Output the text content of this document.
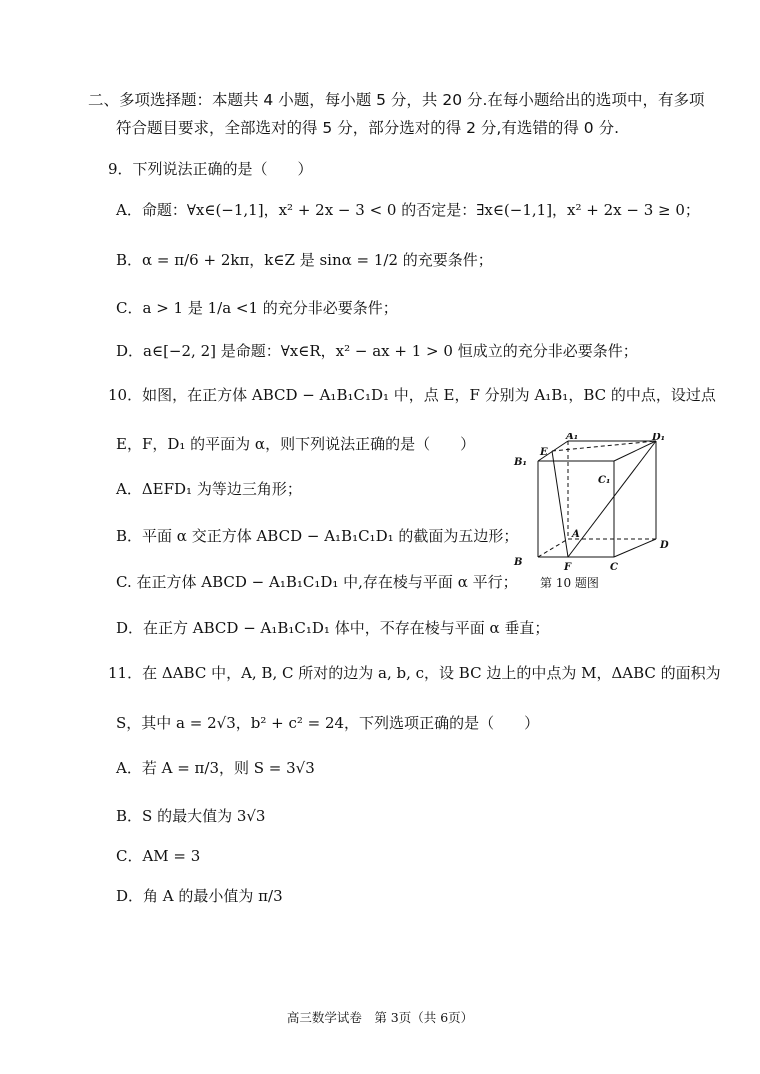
二、多项选择题：本题共 4 小题，每小题 5 分，共 20 分.在每小题给出的选项中，有多项
符合题目要求，全部选对的得 5 分，部分选对的得 2 分,有选错的得 0 分.
9．下列说法正确的是（　　）
A．命题：∀x∈(−1,1]，x² + 2x − 3 < 0 的否定是：∃x∈(−1,1]，x² + 2x − 3 ≥ 0；
B．α = π/6 + 2kπ，k∈Z 是 sinα = 1/2 的充要条件；
C．a > 1 是 1/a <1 的充分非必要条件；
D．a∈[−2, 2] 是命题：∀x∈R，x² − ax + 1 > 0 恒成立的充分非必要条件；
10．如图，在正方体 ABCD − A₁B₁C₁D₁ 中，点 E，F 分别为 A₁B₁，BC 的中点，设过点
E，F，D₁ 的平面为 α，则下列说法正确的是（　　）
A．ΔEFD₁ 为等边三角形；
B．平面 α 交正方体 ABCD − A₁B₁C₁D₁ 的截面为五边形；
C. 在正方体 ABCD − A₁B₁C₁D₁ 中,存在棱与平面 α 平行；
D．在正方 ABCD − A₁B₁C₁D₁ 体中，不存在棱与平面 α 垂直；
E
A₁	D₁
B₁
C₁
A
B	F	C
D
第 10 题图
11．在 ΔABC 中，A, B, C 所对的边为 a, b, c，设 BC 边上的中点为 M，ΔABC 的面积为
S，其中 a = 2√3，b² + c² = 24，下列选项正确的是（　　）
A．若 A = π/3，则 S = 3√3
B．S 的最大值为 3√3
C．AM = 3
D．角 A 的最小值为 π/3
高三数学试卷　第 3页（共 6页）
